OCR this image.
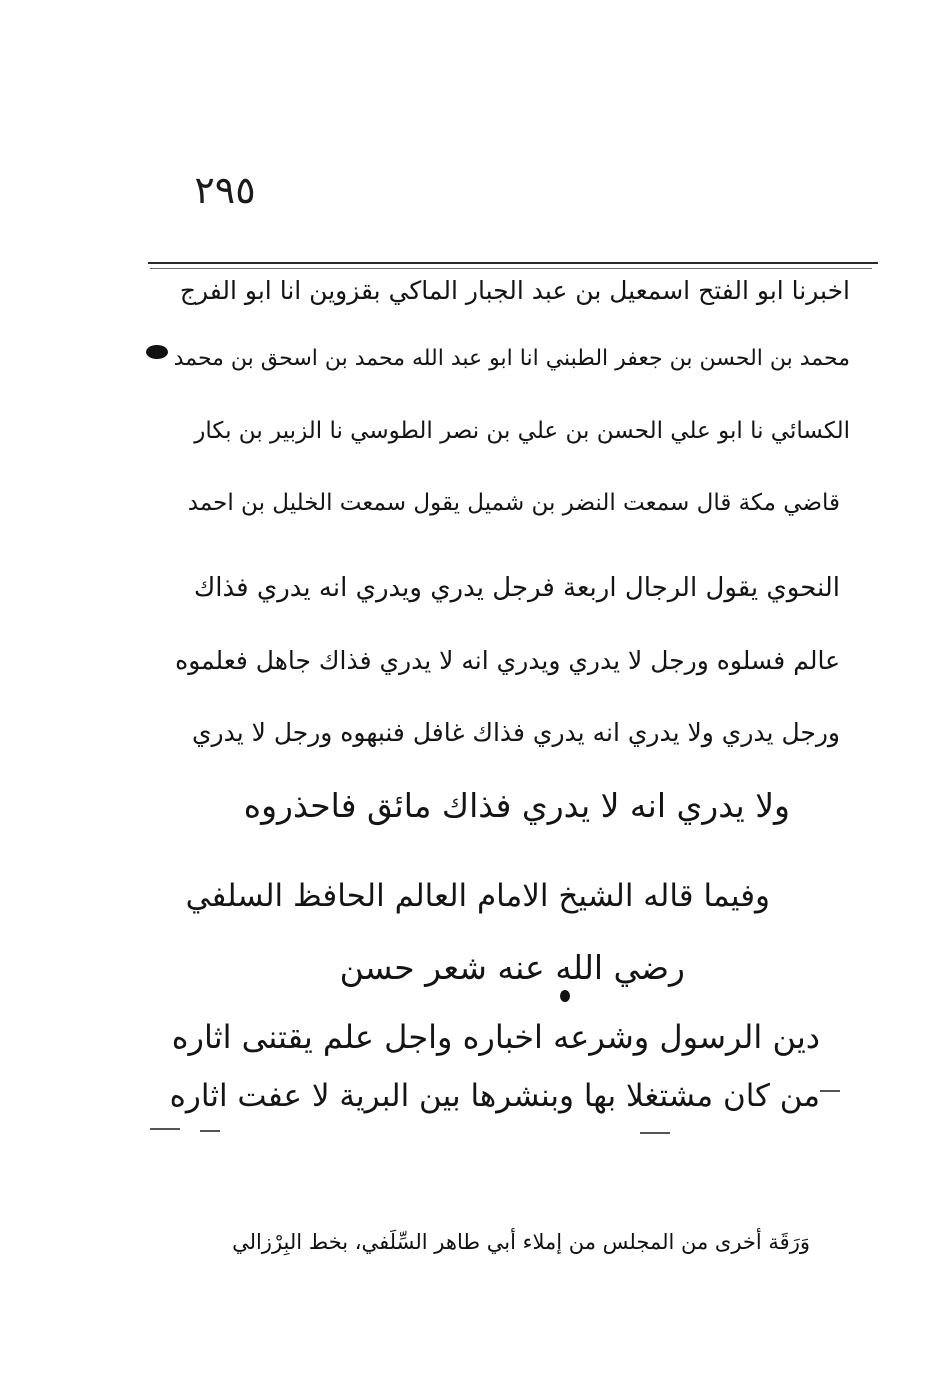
٢٩٥
اخبرنا ابو الفتح اسمعيل بن عبد الجبار الماكي بقزوين انا ابو الفرج
محمد بن الحسن بن جعفر الطبني انا ابو عبد الله محمد بن اسحق بن محمد
الكسائي نا ابو علي الحسن بن علي بن نصر الطوسي نا الزبير بن بكار
قاضي مكة قال سمعت النضر بن شميل يقول سمعت الخليل بن احمد
النحوي يقول الرجال اربعة فرجل يدري ويدري انه يدري فذاك
عالم فسلوه ورجل لا يدري ويدري انه لا يدري فذاك جاهل فعلموه
ورجل يدري ولا يدري انه يدري فذاك غافل فنبهوه ورجل لا يدري
ولا يدري انه لا يدري فذاك مائق فاحذروه
وفيما قاله الشيخ الامام العالم الحافظ السلفي
رضي الله عنه شعر حسن
دين الرسول وشرعه اخباره واجل علم يقتنى اثاره
من كان مشتغلا بها وبنشرها بين البرية لا عفت اثاره
وَرَقَة أخرى من المجلس من إملاء أبي طاهر السِّلَفي، بخط البِرْزالي
